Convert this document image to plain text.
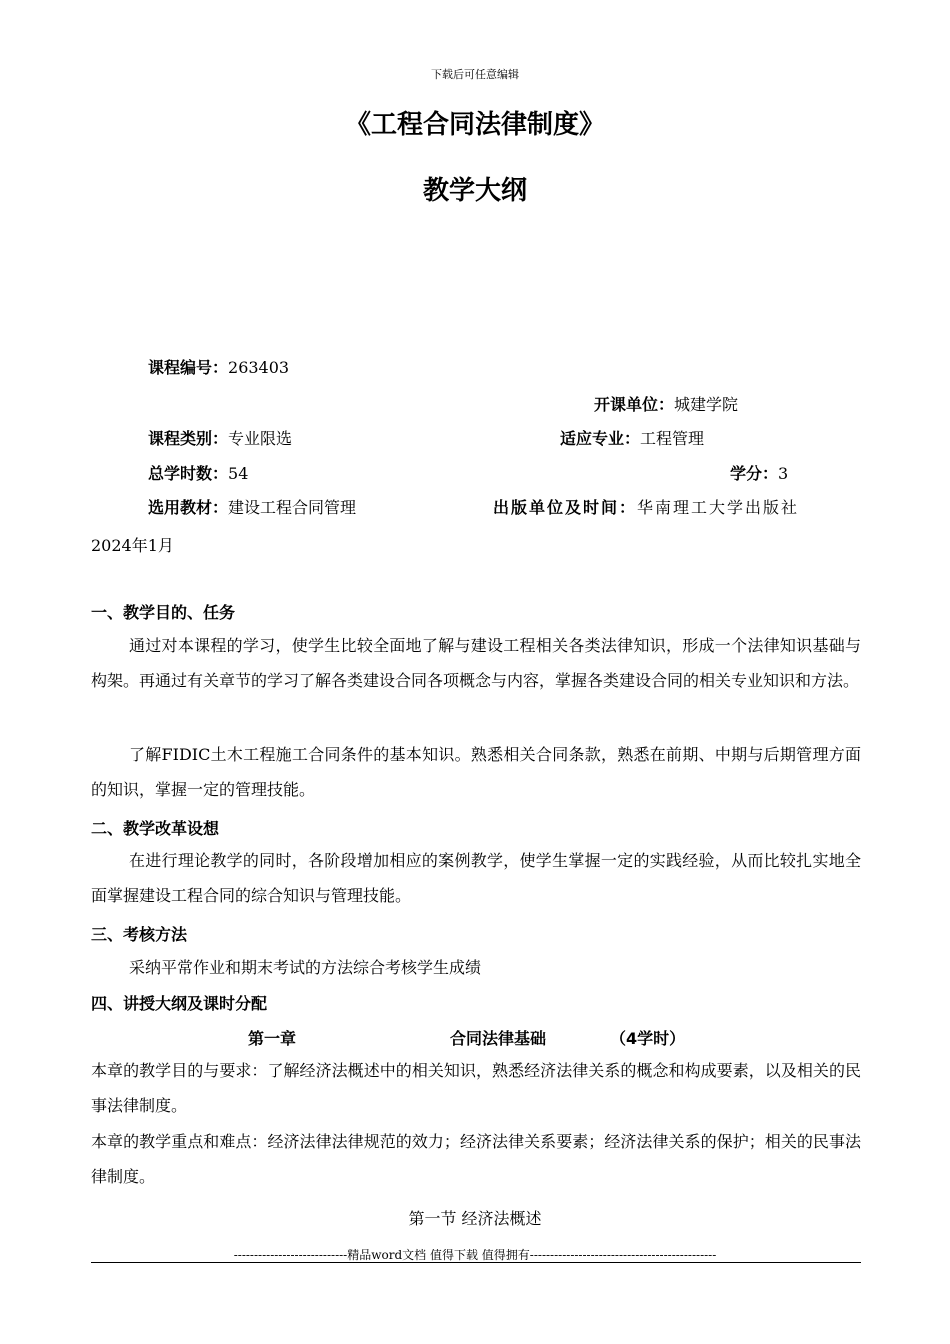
下载后可任意编辑
《工程合同法律制度》
教学大纲
课程编号：263403
开课单位：城建学院
课程类别：专业限选	适应专业：工程管理
总学时数：54	学分：3
选用教材：建设工程合同管理	出版单位及时间：华南理工大学出版社
2024年1月
一、教学目的、任务
通过对本课程的学习，使学生比较全面地了解与建设工程相关各类法律知识，形成一个法律知识基础与构架。再通过有关章节的学习了解各类建设合同各项概念与内容，掌握各类建设合同的相关专业知识和方法。
了解FIDIC土木工程施工合同条件的基本知识。熟悉相关合同条款，熟悉在前期、中期与后期管理方面的知识，掌握一定的管理技能。
二、教学改革设想
在进行理论教学的同时，各阶段增加相应的案例教学，使学生掌握一定的实践经验，从而比较扎实地全面掌握建设工程合同的综合知识与管理技能。
三、考核方法
采纳平常作业和期末考试的方法综合考核学生成绩
四、讲授大纲及课时分配
第一章	合同法律基础	（4学时）
本章的教学目的与要求：了解经济法概述中的相关知识，熟悉经济法律关系的概念和构成要素，以及相关的民事法律制度。
本章的教学重点和难点：经济法律法律规范的效力；经济法律关系要素；经济法律关系的保护；相关的民事法律制度。
第一节 经济法概述
----------------------------精品word文档 值得下载 值得拥有----------------------------------------------
